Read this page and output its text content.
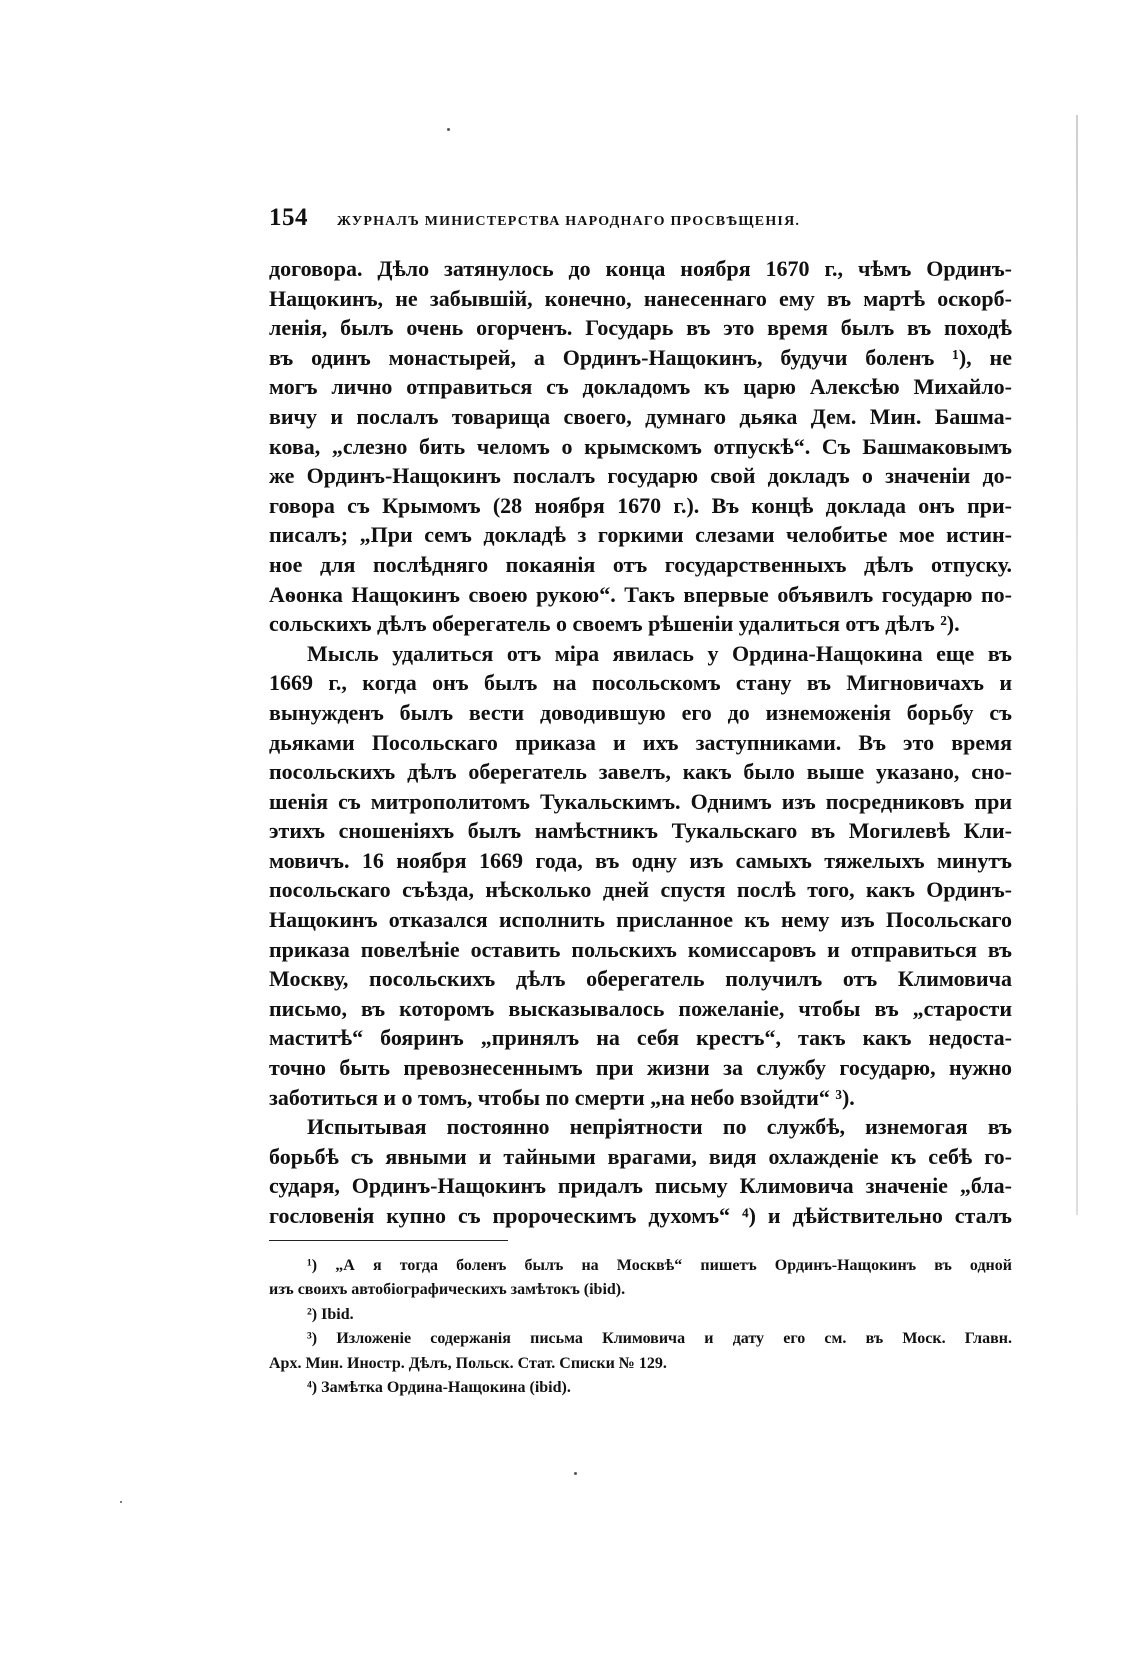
154	ЖУРНАЛЪ МИНИСТЕРСТВА НАРОДНАГО ПРОСВѢЩЕНІЯ.
договора. Дѣло затянулось до конца ноября 1670 г., чѣмъ Ординъ-
Нащокинъ, не забывшій, конечно, нанесеннаго ему въ мартѣ оскорб-
ленія, былъ очень огорченъ. Государь въ это время былъ въ походѣ
въ одинъ монастырей, а Ординъ-Нащокинъ, будучи боленъ ¹), не
могъ лично отправиться съ докладомъ къ царю Алексѣю Михайло-
вичу и послалъ товарища своего, думнаго дьяка Дем. Мин. Башма-
кова, „слезно бить челомъ о крымскомъ отпускѣ“. Съ Башмаковымъ
же Ординъ-Нащокинъ послалъ государю свой докладъ о значеніи до-
говора съ Крымомъ (28 ноября 1670 г.). Въ концѣ доклада онъ при-
писалъ; „При семъ докладѣ з горкими слезами челобитье мое истин-
ное для послѣдняго покаянія отъ государственныхъ дѣлъ отпуску.
Аѳонка Нащокинъ своею рукою“. Такъ впервые объявилъ государю по-
сольскихъ дѣлъ оберегатель о своемъ рѣшеніи удалиться отъ дѣлъ ²).
Мысль удалиться отъ міра явилась у Ордина-Нащокина еще въ
1669 г., когда онъ былъ на посольскомъ стану въ Мигновичахъ и
вынужденъ былъ вести доводившую его до изнеможенія борьбу съ
дьяками Посольскаго приказа и ихъ заступниками. Въ это время
посольскихъ дѣлъ оберегатель завелъ, какъ было выше указано, сно-
шенія съ митрополитомъ Тукальскимъ. Однимъ изъ посредниковъ при
этихъ сношеніяхъ былъ намѣстникъ Тукальскаго въ Могилевѣ Кли-
мовичъ. 16 ноября 1669 года, въ одну изъ самыхъ тяжелыхъ минутъ
посольскаго съѣзда, нѣсколько дней спустя послѣ того, какъ Ординъ-
Нащокинъ отказался исполнить присланное къ нему изъ Посольскаго
приказа повелѣніе оставить польскихъ комиссаровъ и отправиться въ
Москву, посольскихъ дѣлъ оберегатель получилъ отъ Климовича
письмо, въ которомъ высказывалось пожеланіе, чтобы въ „старости
маститѣ“ бояринъ „принялъ на себя крестъ“, такъ какъ недоста-
точно быть превознесеннымъ при жизни за службу государю, нужно
заботиться и о томъ, чтобы по смерти „на небо взойдти“ ³).
Испытывая постоянно непріятности по службѣ, изнемогая въ
борьбѣ съ явными и тайными врагами, видя охлажденіе къ себѣ го-
сударя, Ординъ-Нащокинъ придалъ письму Климовича значеніе „бла-
гословенія купно съ пророческимъ духомъ“ ⁴) и дѣйствительно сталъ
¹) „А я тогда боленъ былъ на Москвѣ“ пишетъ Ординъ-Нащокинъ въ одной
изъ своихъ автобіографическихъ замѣтокъ (ibid).
²) Ibid.
³) Изложеніе содержанія письма Климовича и дату его см. въ Моск. Главн.
Арх. Мин. Иностр. Дѣлъ, Польск. Стат. Списки № 129.
⁴) Замѣтка Ордина-Нащокина (ibid).
